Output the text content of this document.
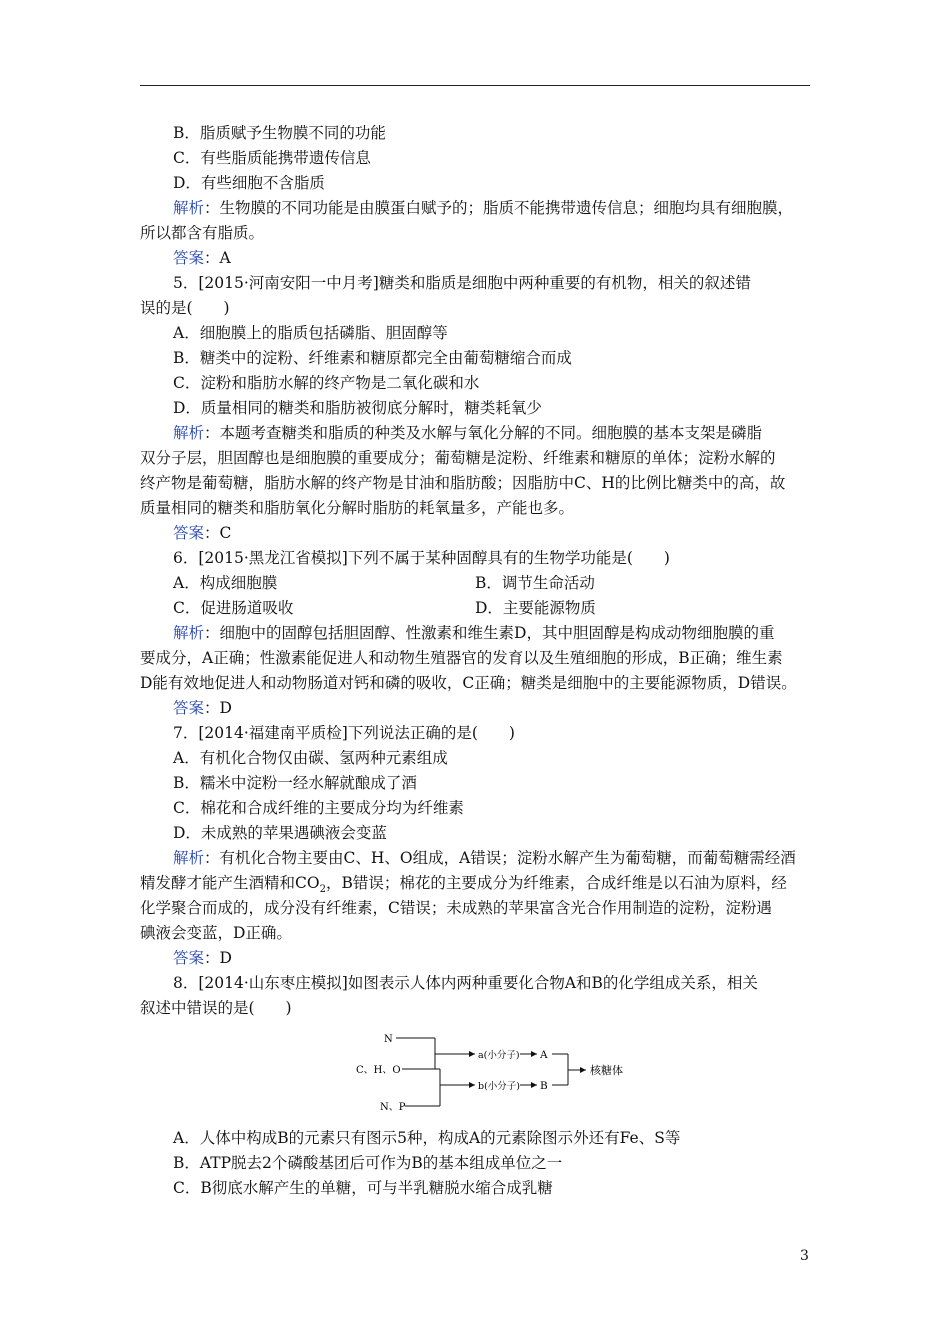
B．脂质赋予生物膜不同的功能
C．有些脂质能携带遗传信息
D．有些细胞不含脂质
解析：生物膜的不同功能是由膜蛋白赋予的；脂质不能携带遗传信息；细胞均具有细胞膜，
所以都含有脂质。
答案：A
5．[2015·河南安阳一中月考]糖类和脂质是细胞中两种重要的有机物，相关的叙述错
误的是(　　)
A．细胞膜上的脂质包括磷脂、胆固醇等
B．糖类中的淀粉、纤维素和糖原都完全由葡萄糖缩合而成
C．淀粉和脂肪水解的终产物是二氧化碳和水
D．质量相同的糖类和脂肪被彻底分解时，糖类耗氧少
解析：本题考查糖类和脂质的种类及水解与氧化分解的不同。细胞膜的基本支架是磷脂
双分子层，胆固醇也是细胞膜的重要成分；葡萄糖是淀粉、纤维素和糖原的单体；淀粉水解的
终产物是葡萄糖，脂肪水解的终产物是甘油和脂肪酸；因脂肪中C、H的比例比糖类中的高，故
质量相同的糖类和脂肪氧化分解时脂肪的耗氧量多，产能也多。
答案：C
6．[2015·黑龙江省模拟]下列不属于某种固醇具有的生物学功能是(　　)
A．构成细胞膜	B．调节生命活动
C．促进肠道吸收	D．主要能源物质
解析：细胞中的固醇包括胆固醇、性激素和维生素D，其中胆固醇是构成动物细胞膜的重
要成分，A正确；性激素能促进人和动物生殖器官的发育以及生殖细胞的形成，B正确；维生素
D能有效地促进人和动物肠道对钙和磷的吸收，C正确；糖类是细胞中的主要能源物质，D错误。
答案：D
7．[2014·福建南平质检]下列说法正确的是(　　)
A．有机化合物仅由碳、氢两种元素组成
B．糯米中淀粉一经水解就酿成了酒
C．棉花和合成纤维的主要成分均为纤维素
D．未成熟的苹果遇碘液会变蓝
解析：有机化合物主要由C、H、O组成，A错误；淀粉水解产生为葡萄糖，而葡萄糖需经酒
精发酵才能产生酒精和$CO_2$，B错误；棉花的主要成分为纤维素，合成纤维是以石油为原料，经
化学聚合而成的，成分没有纤维素，C错误；未成熟的苹果富含光合作用制造的淀粉，淀粉遇
碘液会变蓝，D正确。
答案：D
8．[2014·山东枣庄模拟]如图表示人体内两种重要化合物A和B的化学组成关系，相关
叙述中错误的是(　　)
N
C、H、O
N、P
a(小分子)
b(小分子)
A
B
核糖体
A．人体中构成B的元素只有图示5种，构成A的元素除图示外还有Fe、S等
B．ATP脱去2个磷酸基团后可作为B的基本组成单位之一
C．B彻底水解产生的单糖，可与半乳糖脱水缩合成乳糖
3
